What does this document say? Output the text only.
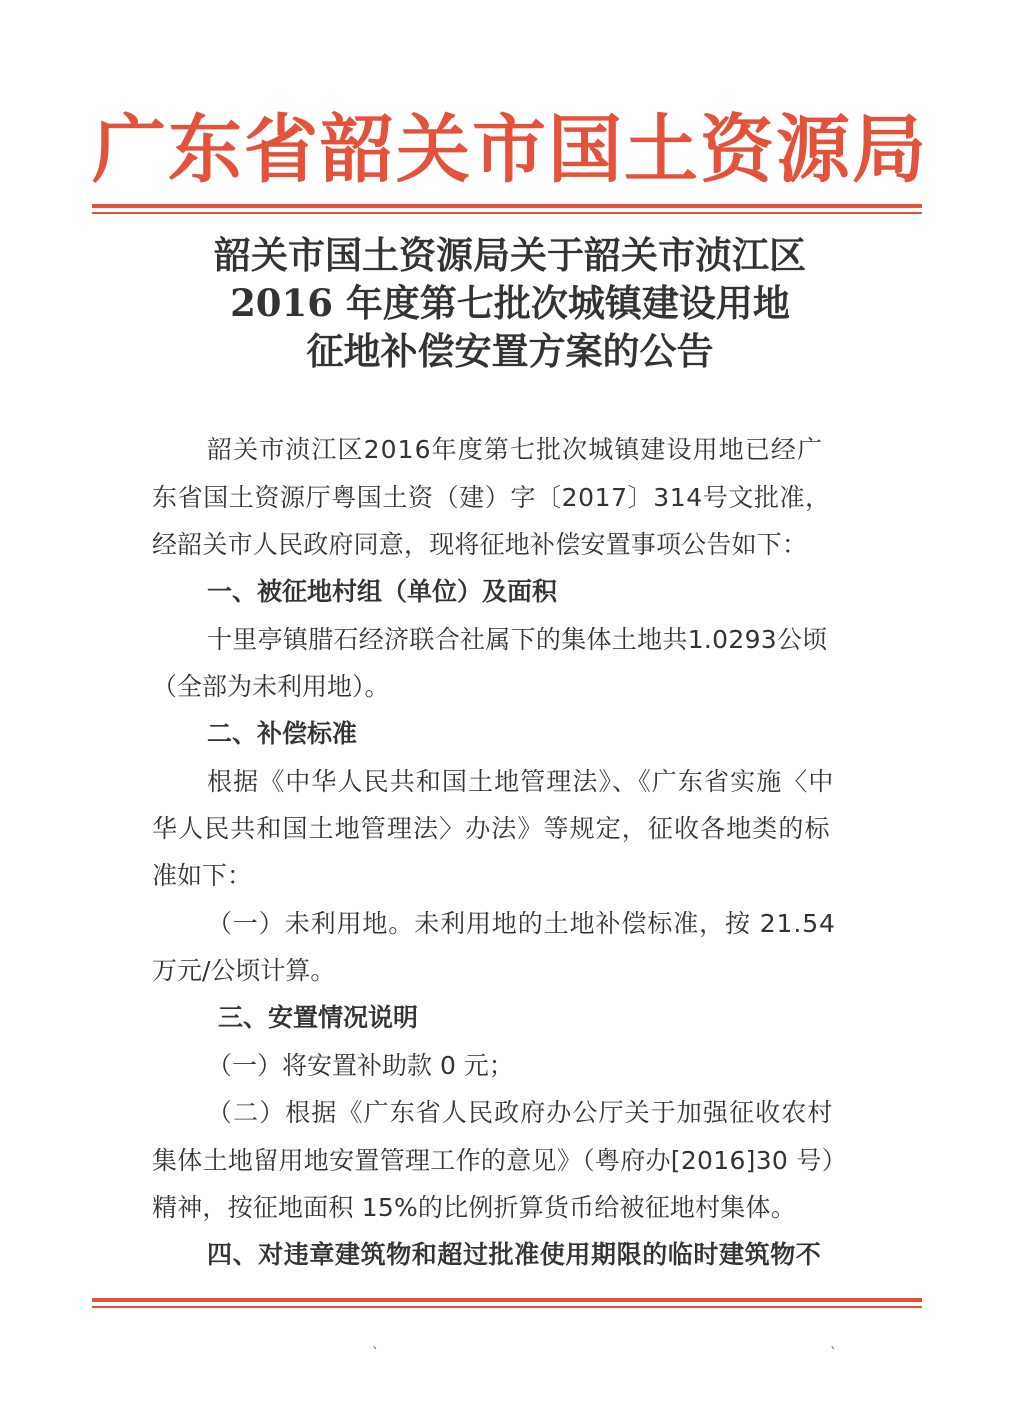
广东省韶关市国土资源局
韶关市国土资源局关于韶关市浈江区
2016 年度第七批次城镇建设用地
征地补偿安置方案的公告
韶关市浈江区2016年度第七批次城镇建设用地已经广
东省国土资源厅粤国土资（建）字〔2017〕314号文批准，
经韶关市人民政府同意，现将征地补偿安置事项公告如下：
一、被征地村组（单位）及面积
十里亭镇腊石经济联合社属下的集体土地共1.0293公顷
（全部为未利用地）。
二、补偿标准
根据《中华人民共和国土地管理法》、《广东省实施〈中
华人民共和国土地管理法〉办法》等规定，征收各地类的标
准如下：
（一）未利用地。未利用地的土地补偿标准，按 21.54
万元/公顷计算。
三、安置情况说明
（一）将安置补助款 0 元；
（二）根据《广东省人民政府办公厅关于加强征收农村
集体土地留用地安置管理工作的意见》（粤府办[2016]30 号）
精神，按征地面积 15%的比例折算货币给被征地村集体。
四、对违章建筑物和超过批准使用期限的临时建筑物不
ˋ	ˋ
